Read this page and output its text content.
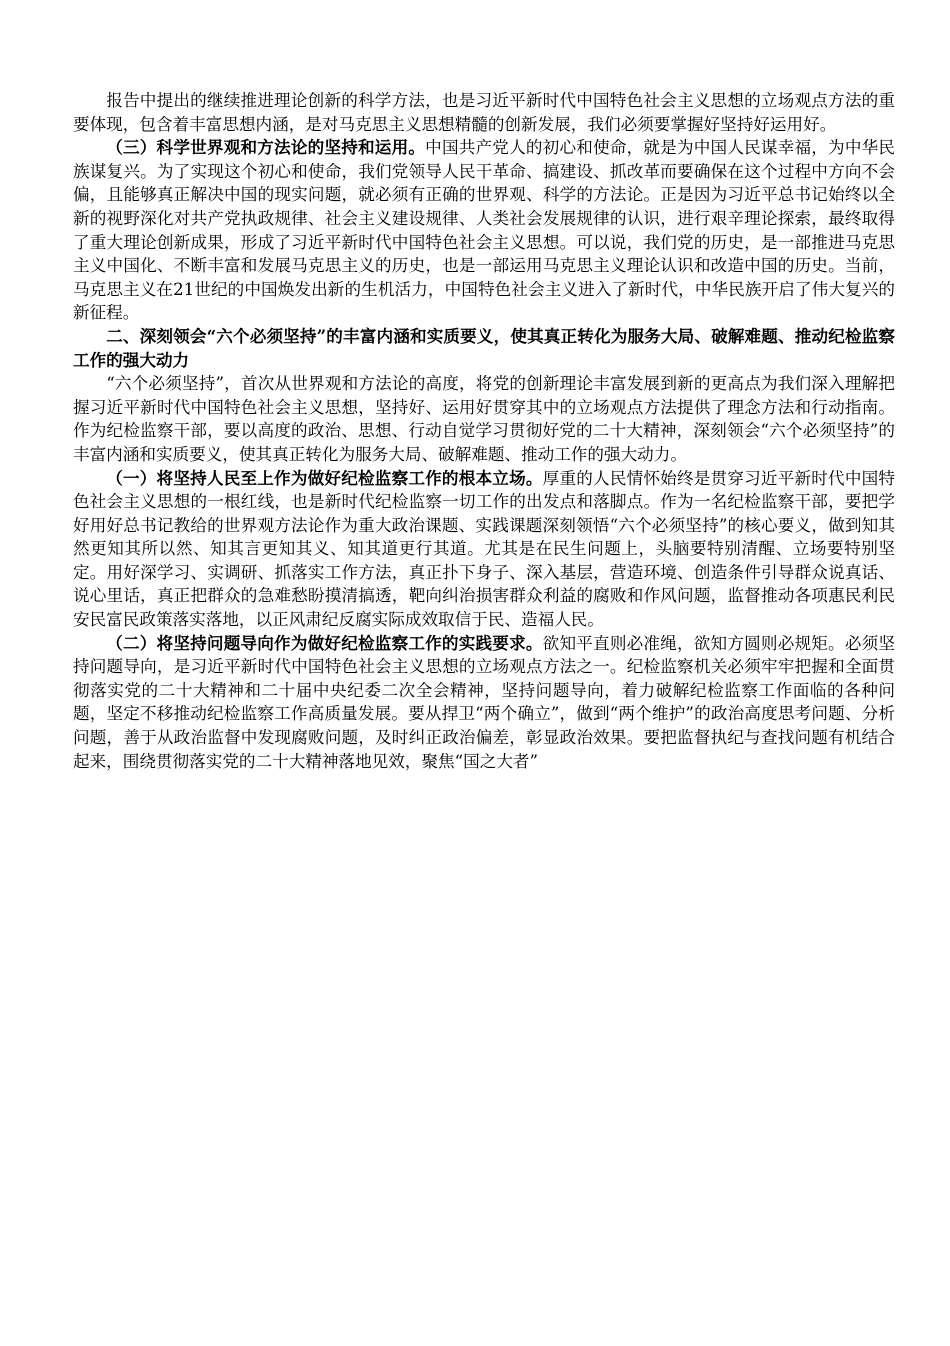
报告中提出的继续推进理论创新的科学方法，也是习近平新时代中国特色社会主义思想的立场观点方法的重要体现，包含着丰富思想内涵，是对马克思主义思想精髓的创新发展，我们必须要掌握好坚持好运用好。

（三）科学世界观和方法论的坚持和运用。中国共产党人的初心和使命，就是为中国人民谋幸福，为中华民族谋复兴。为了实现这个初心和使命，我们党领导人民干革命、搞建设、抓改革而要确保在这个过程中方向不会偏，且能够真正解决中国的现实问题，就必须有正确的世界观、科学的方法论。正是因为习近平总书记始终以全新的视野深化对共产党执政规律、社会主义建设规律、人类社会发展规律的认识，进行艰辛理论探索，最终取得了重大理论创新成果，形成了习近平新时代中国特色社会主义思想。可以说，我们党的历史，是一部推进马克思主义中国化、不断丰富和发展马克思主义的历史，也是一部运用马克思主义理论认识和改造中国的历史。当前，马克思主义在21世纪的中国焕发出新的生机活力，中国特色社会主义进入了新时代，中华民族开启了伟大复兴的新征程。

二、深刻领会“六个必须坚持”的丰富内涵和实质要义，使其真正转化为服务大局、破解难题、推动纪检监察工作的强大动力

“六个必须坚持”，首次从世界观和方法论的高度，将党的创新理论丰富发展到新的更高点为我们深入理解把握习近平新时代中国特色社会主义思想，坚持好、运用好贯穿其中的立场观点方法提供了理念方法和行动指南。作为纪检监察干部，要以高度的政治、思想、行动自觉学习贯彻好党的二十大精神，深刻领会“六个必须坚持”的丰富内涵和实质要义，使其真正转化为服务大局、破解难题、推动工作的强大动力。

（一）将坚持人民至上作为做好纪检监察工作的根本立场。厚重的人民情怀始终是贯穿习近平新时代中国特色社会主义思想的一根红线，也是新时代纪检监察一切工作的出发点和落脚点。作为一名纪检监察干部，要把学好用好总书记教给的世界观方法论作为重大政治课题、实践课题深刻领悟“六个必须坚持”的核心要义，做到知其然更知其所以然、知其言更知其义、知其道更行其道。尤其是在民生问题上，头脑要特别清醒、立场要特别坚定。用好深学习、实调研、抓落实工作方法，真正扑下身子、深入基层，营造环境、创造条件引导群众说真话、说心里话，真正把群众的急难愁盼摸清搞透，靶向纠治损害群众利益的腐败和作风问题，监督推动各项惠民利民安民富民政策落实落地，以正风肃纪反腐实际成效取信于民、造福人民。

（二）将坚持问题导向作为做好纪检监察工作的实践要求。欲知平直则必准绳，欲知方圆则必规矩。必须坚持问题导向，是习近平新时代中国特色社会主义思想的立场观点方法之一。纪检监察机关必须牢牢把握和全面贯彻落实党的二十大精神和二十届中央纪委二次全会精神，坚持问题导向，着力破解纪检监察工作面临的各种问题，坚定不移推动纪检监察工作高质量发展。要从捍卫“两个确立”，做到“两个维护”的政治高度思考问题、分析问题，善于从政治监督中发现腐败问题，及时纠正政治偏差，彰显政治效果。要把监督执纪与查找问题有机结合起来，围绕贯彻落实党的二十大精神落地见效，聚焦“国之大者”
